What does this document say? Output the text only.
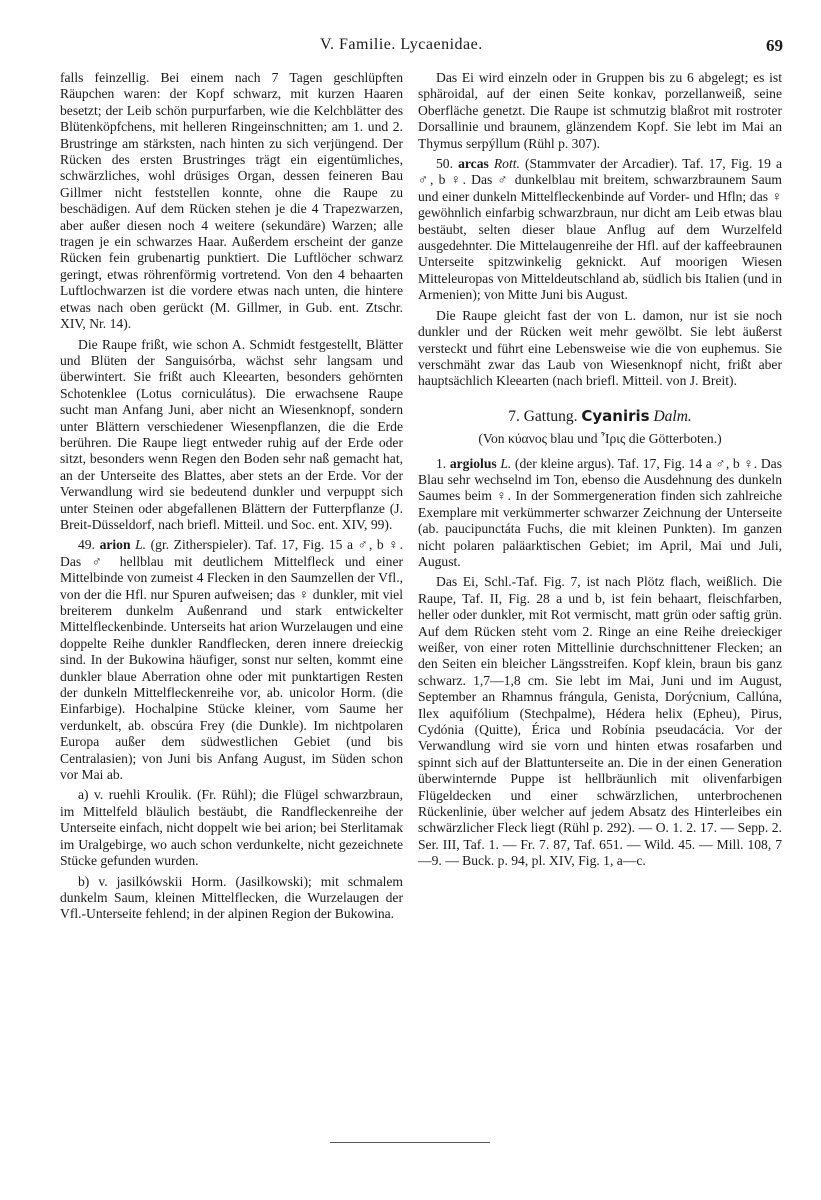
V. Familie. Lycaenidae.	69

falls feinzellig. Bei einem nach 7 Tagen geschlüpften Räupchen waren: der Kopf schwarz, mit kurzen Haaren besetzt; der Leib schön purpurfarben, wie die Kelchblätter des Blütenköpfchens, mit helleren Ringeinschnitten; am 1. und 2. Brustringe am stärksten, nach hinten zu sich verjüngend. Der Rücken des ersten Brustringes trägt ein eigentümliches, schwärzliches, wohl drüsiges Organ, dessen feineren Bau Gillmer nicht feststellen konnte, ohne die Raupe zu beschädigen. Auf dem Rücken stehen je die 4 Trapezwarzen, aber außer diesen noch 4 weitere (sekundäre) Warzen; alle tragen je ein schwarzes Haar. Außerdem erscheint der ganze Rücken fein grubenartig punktiert. Die Luftlöcher schwarz geringt, etwas röhrenförmig vortretend. Von den 4 behaarten Luftlochwarzen ist die vordere etwas nach unten, die hintere etwas nach oben gerückt (M. Gillmer, in Gub. ent. Ztschr. XIV, Nr. 14).

Die Raupe frißt, wie schon A. Schmidt festgestellt, Blätter und Blüten der Sanguisórba, wächst sehr langsam und überwintert. Sie frißt auch Kleearten, besonders gehörnten Schotenklee (Lotus corniculátus). Die erwachsene Raupe sucht man Anfang Juni, aber nicht an Wiesenknopf, sondern unter Blättern verschiedener Wiesenpflanzen, die die Erde berühren. Die Raupe liegt entweder ruhig auf der Erde oder sitzt, besonders wenn Regen den Boden sehr naß gemacht hat, an der Unterseite des Blattes, aber stets an der Erde. Vor der Verwandlung wird sie bedeutend dunkler und verpuppt sich unter Steinen oder abgefallenen Blättern der Futterpflanze (J. Breit-Düsseldorf, nach briefl. Mitteil. und Soc. ent. XIV, 99).

49. arion L. (gr. Zitherspieler). Taf. 17, Fig. 15 a ♂, b ♀. Das ♂ hellblau mit deutlichem Mittelfleck und einer Mittelbinde von zumeist 4 Flecken in den Saumzellen der Vfl., von der die Hfl. nur Spuren aufweisen; das ♀ dunkler, mit viel breiterem dunkelm Außenrand und stark entwickelter Mittelfleckenbinde. Unterseits hat arion Wurzelaugen und eine doppelte Reihe dunkler Randflecken, deren innere dreieckig sind. In der Bukowina häufiger, sonst nur selten, kommt eine dunkler blaue Aberration ohne oder mit punktartigen Resten der dunkeln Mittelfleckenreihe vor, ab. unicolor Horm. (die Einfarbige). Hochalpine Stücke kleiner, vom Saume her verdunkelt, ab. obscúra Frey (die Dunkle). Im nichtpolaren Europa außer dem südwestlichen Gebiet (und bis Centralasien); von Juni bis Anfang August, im Süden schon vor Mai ab.

a) v. ruehli Kroulik. (Fr. Rühl); die Flügel schwarzbraun, im Mittelfeld bläulich bestäubt, die Randfleckenreihe der Unterseite einfach, nicht doppelt wie bei arion; bei Sterlitamak im Uralgebirge, wo auch schon verdunkelte, nicht gezeichnete Stücke gefunden wurden.

b) v. jasilkówskii Horm. (Jasilkowski); mit schmalem dunkelm Saum, kleinen Mittelflecken, die Wurzelaugen der Vfl.-Unterseite fehlend; in der alpinen Region der Bukowina.

Das Ei wird einzeln oder in Gruppen bis zu 6 abgelegt; es ist sphäroidal, auf der einen Seite konkav, porzellanweiß, seine Oberfläche genetzt. Die Raupe ist schmutzig blaßrot mit rostroter Dorsallinie und braunem, glänzendem Kopf. Sie lebt im Mai an Thymus serpýllum (Rühl p. 307).

50. arcas Rott. (Stammvater der Arcadier). Taf. 17, Fig. 19 a ♂, b ♀. Das ♂ dunkelblau mit breitem, schwarzbraunem Saum und einer dunkeln Mittelfleckenbinde auf Vorder- und Hfln; das ♀ gewöhnlich einfarbig schwarzbraun, nur dicht am Leib etwas blau bestäubt, selten dieser blaue Anflug auf dem Wurzelfeld ausgedehnter. Die Mittelaugenreihe der Hfl. auf der kaffeebraunen Unterseite spitzwinkelig geknickt. Auf moorigen Wiesen Mitteleuropas von Mitteldeutschland ab, südlich bis Italien (und in Armenien); von Mitte Juni bis August.

Die Raupe gleicht fast der von L. damon, nur ist sie noch dunkler und der Rücken weit mehr gewölbt. Sie lebt äußerst versteckt und führt eine Lebensweise wie die von euphemus. Sie verschmäht zwar das Laub von Wiesenknopf nicht, frißt aber hauptsächlich Kleearten (nach briefl. Mitteil. von J. Breit).

7. Gattung. Cyaniris Dalm.
(Von κύανος blau und Ἶρις die Götterboten.)

1. argiolus L. (der kleine argus). Taf. 17, Fig. 14 a ♂, b ♀. Das Blau sehr wechselnd im Ton, ebenso die Ausdehnung des dunkeln Saumes beim ♀. In der Sommergeneration finden sich zahlreiche Exemplare mit verkümmerter schwarzer Zeichnung der Unterseite (ab. paucipunctáta Fuchs, die mit kleinen Punkten). Im ganzen nicht polaren paläarktischen Gebiet; im April, Mai und Juli, August.

Das Ei, Schl.-Taf. Fig. 7, ist nach Plötz flach, weißlich. Die Raupe, Taf. II, Fig. 28 a und b, ist fein behaart, fleischfarben, heller oder dunkler, mit Rot vermischt, matt grün oder saftig grün. Auf dem Rücken steht vom 2. Ringe an eine Reihe dreieckiger weißer, von einer roten Mittellinie durchschnittener Flecken; an den Seiten ein bleicher Längsstreifen. Kopf klein, braun bis ganz schwarz. 1,7—1,8 cm. Sie lebt im Mai, Juni und im August, September an Rhamnus frángula, Genista, Dorýcnium, Callúna, Ilex aquifólium (Stechpalme), Hédera helix (Epheu), Pirus, Cydónia (Quitte), Érica und Robínia pseudacácia. Vor der Verwandlung wird sie vorn und hinten etwas rosafarben und spinnt sich auf der Blattunterseite an. Die in der einen Generation überwinternde Puppe ist hellbräunlich mit olivenfarbigen Flügeldecken und einer schwärzlichen, unterbrochenen Rückenlinie, über welcher auf jedem Absatz des Hinterleibes ein schwärzlicher Fleck liegt (Rühl p. 292). — O. 1. 2. 17. — Sepp. 2. Ser. III, Taf. 1. — Fr. 7. 87, Taf. 651. — Wild. 45. — Mill. 108, 7—9. — Buck. p. 94, pl. XIV, Fig. 1, a—c.
